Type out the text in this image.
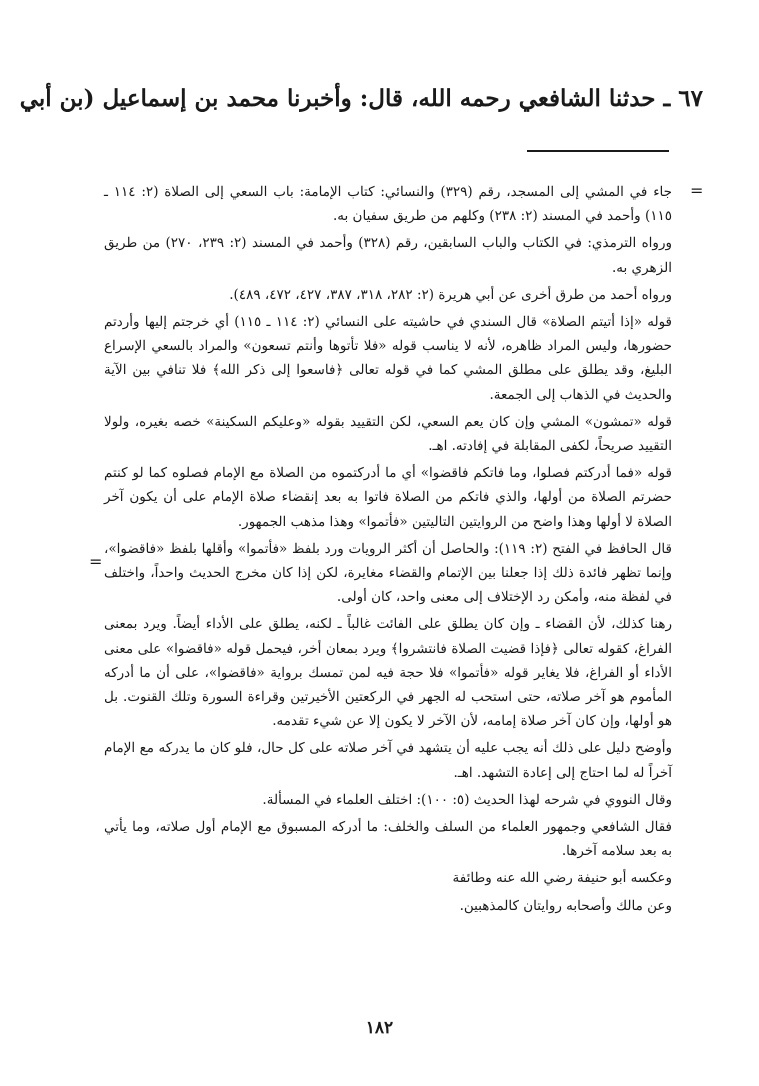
٦٧ ـ حدثنا الشافعي رحمه الله، قال: وأخبرنا محمد بن إسماعيل (بن أبي
=

جاء في المشي إلى المسجد، رقم (٣٢٩) والنسائي: كتاب الإمامة: باب السعي إلى الصلاة (٢: ١١٤ ـ ١١٥) وأحمد في المسند (٢: ٢٣٨) وكلهم من طريق سفيان به.

ورواه الترمذي: في الكتاب والباب السابقين، رقم (٣٢٨) وأحمد في المسند (٢: ٢٣٩، ٢٧٠) من طريق الزهري به.

ورواه أحمد من طرق أخرى عن أبي هريرة (٢: ٢٨٢، ٣١٨، ٣٨٧، ٤٢٧، ٤٧٢، ٤٨٩).

قوله «إذا أتيتم الصلاة» قال السندي في حاشيته على النسائي (٢: ١١٤ ـ ١١٥) أي خرجتم إليها وأردتم حضورها، وليس المراد ظاهره، لأنه لا يناسب قوله «فلا تأتوها وأنتم تسعون» والمراد بالسعي الإسراع البليغ، وقد يطلق على مطلق المشي كما في قوله تعالى ﴿فاسعوا إلى ذكر الله﴾ فلا تنافي بين الآية والحديث في الذهاب إلى الجمعة.

قوله «تمشون» المشي وإن كان يعم السعي، لكن التقييد بقوله «وعليكم السكينة» خصه بغيره، ولولا التقييد صريحاً، لكفى المقابلة في إفادته. اهـ.

قوله «فما أدركتم فصلوا، وما فاتكم فاقضوا» أي ما أدركتموه من الصلاة مع الإمام فصلوه كما لو كنتم حضرتم الصلاة من أولها، والذي فاتكم من الصلاة فاتوا به بعد إنقضاء صلاة الإمام على أن يكون آخر الصلاة لا أولها وهذا واضح من الروايتين التاليتين «فأتموا» وهذا مذهب الجمهور.

قال الحافظ في الفتح (٢: ١١٩): والحاصل أن أكثر الرويات ورد بلفظ «فأتموا» وأقلها بلفظ «فاقضوا»، وإنما تظهر فائدة ذلك إذا جعلنا بين الإتمام والقضاء مغايرة، لكن إذا كان مخرج الحديث واحداً، واختلف في لفظة منه، وأمكن رد الإختلاف إلى معنى واحد، كان أولى.

رهنا كذلك، لأن القضاء ـ وإن كان يطلق على الفائت غالباً ـ لكنه، يطلق على الأداء أيضاً. ويرد بمعنى الفراغ، كقوله تعالى ﴿فإذا قضيت الصلاة فانتشروا﴾ ويرد بمعان أخر، فيحمل قوله «فاقضوا» على معنى الأداء أو الفراغ، فلا يغاير قوله «فأتموا» فلا حجة فيه لمن تمسك برواية «فاقضوا»، على أن ما أدركه المأموم هو آخر صلاته، حتى استحب له الجهر في الركعتين الأخيرتين وقراءة السورة وتلك القنوت. بل هو أولها، وإن كان آخر صلاة إمامه، لأن الآخر لا يكون إلا عن شيء تقدمه.

وأوضح دليل على ذلك أنه يجب عليه أن يتشهد في آخر صلاته على كل حال، فلو كان ما يدركه مع الإمام آخراً له لما احتاج إلى إعادة التشهد. اهـ.

وقال النووي في شرحه لهذا الحديث (٥: ١٠٠): اختلف العلماء في المسألة.

فقال الشافعي وجمهور العلماء من السلف والخلف: ما أدركه المسبوق مع الإمام أول صلاته، وما يأتي به بعد سلامه آخرها.

وعكسه أبو حنيفة رضي الله عنه وطائفة

وعن مالك وأصحابه روايتان كالمذهبين.

=
١٨٢
